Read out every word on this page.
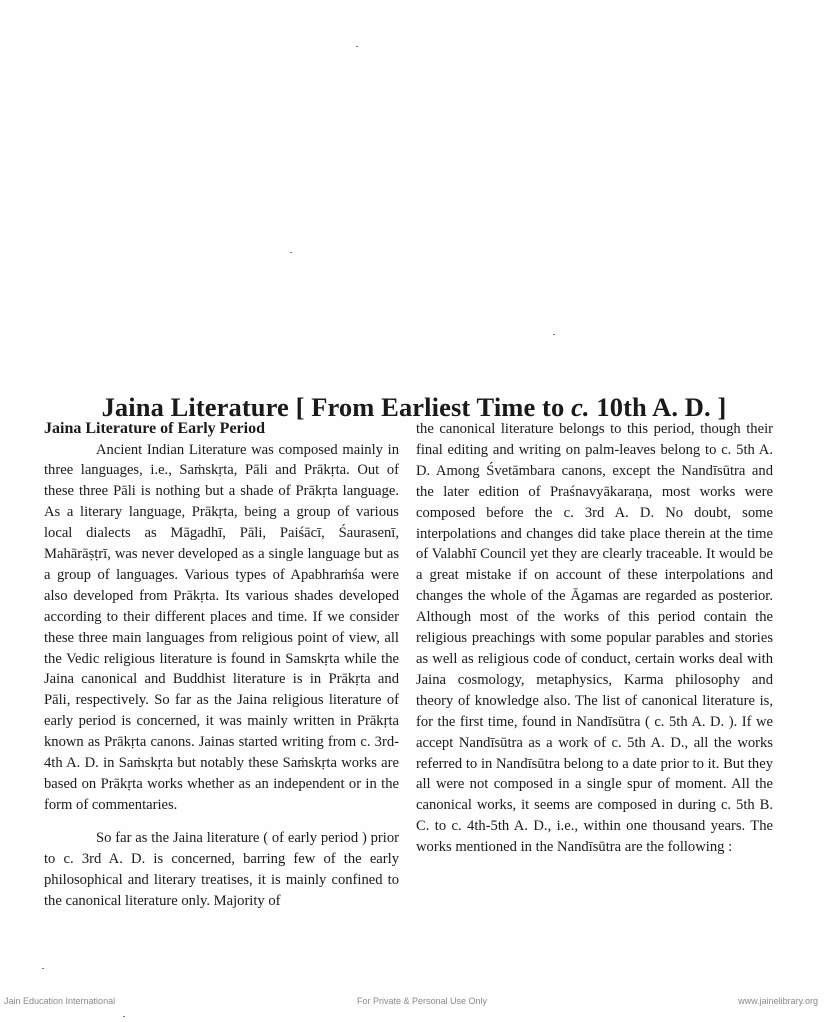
Jaina Literature [ From Earliest Time to c. 10th A. D. ]

Jaina Literature of Early Period

Ancient Indian Literature was composed mainly in three languages, i.e., Saṁskṛta, Pāli and Prākṛta. Out of these three Pāli is nothing but a shade of Prākṛta language. As a literary language, Prākṛta, being a group of various local dialects as Māgadhī, Pāli, Paiśācī, Śaurasenī, Mahārāṣṭrī, was never developed as a single language but as a group of languages. Various types of Apabhraṁśa were also developed from Prākṛta. Its various shades developed according to their different places and time. If we consider these three main languages from religious point of view, all the Vedic religious literature is found in Samskṛta while the Jaina canonical and Buddhist literature is in Prākṛta and Pāli, respectively. So far as the Jaina religious literature of early period is concerned, it was mainly written in Prākṛta known as Prākṛta canons. Jainas started writing from c. 3rd-4th A. D. in Saṁskṛta but notably these Saṁskṛta works are based on Prākṛta works whether as an independent or in the form of commentaries.

So far as the Jaina literature ( of early period ) prior to c. 3rd A. D. is concerned, barring few of the early philosophical and literary treatises, it is mainly confined to the canonical literature only. Majority of

the canonical literature belongs to this period, though their final editing and writing on palm-leaves belong to c. 5th A. D. Among Śvetāmbara canons, except the Nandīsūtra and the later edition of Praśnavyākaraṇa, most works were composed before the c. 3rd A. D. No doubt, some interpolations and changes did take place therein at the time of Valabhī Council yet they are clearly traceable. It would be a great mistake if on account of these interpolations and changes the whole of the Āgamas are regarded as posterior. Although most of the works of this period contain the religious preachings with some popular parables and stories as well as religious code of conduct, certain works deal with Jaina cosmology, metaphysics, Karma philosophy and theory of knowledge also. The list of canonical literature is, for the first time, found in Nandīsūtra ( c. 5th A. D. ). If we accept Nandīsūtra as a work of c. 5th A. D., all the works referred to in Nandīsūtra belong to a date prior to it. But they all were not composed in a single spur of moment. All the canonical works, it seems are composed in during c. 5th B. C. to c. 4th-5th A. D., i.e., within one thousand years. The works mentioned in the Nandīsūtra are the following :

Jain Education International	For Private & Personal Use Only	www.jainelibrary.org
